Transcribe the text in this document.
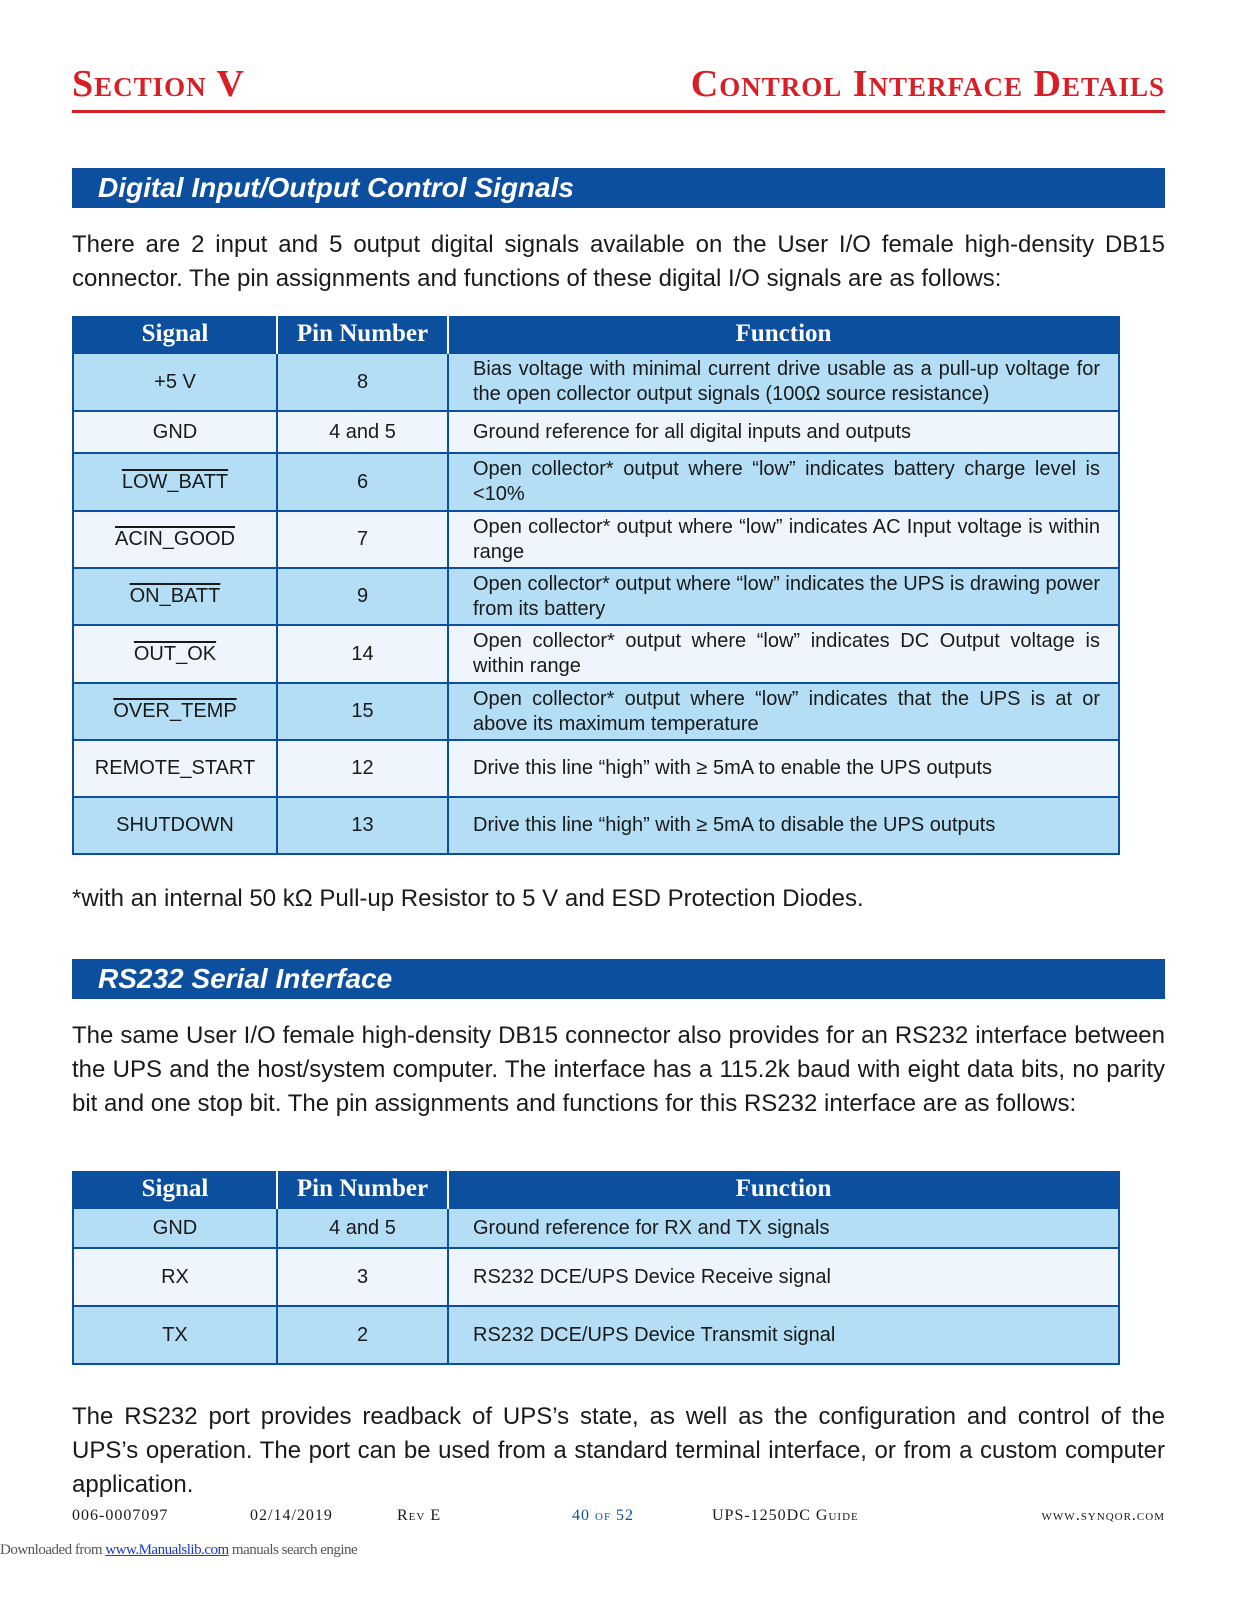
Section V	Control Interface Details
Digital Input/Output Control Signals

There are 2 input and 5 output digital signals available on the User I/O female high-density DB15 connector. The pin assignments and functions of these digital I/O signals are as follows:

Signal	Pin Number	Function
+5 V	8	Bias voltage with minimal current drive usable as a pull-up voltage for the open collector output signals (100Ω source resistance)
GND	4 and 5	Ground reference for all digital inputs and outputs
LOW_BATT	6	Open collector* output where “low” indicates battery charge level is <10%
ACIN_GOOD	7	Open collector* output where “low” indicates AC Input voltage is within range
ON_BATT	9	Open collector* output where “low” indicates the UPS is drawing power from its battery
OUT_OK	14	Open collector* output where “low” indicates DC Output voltage is within range
OVER_TEMP	15	Open collector* output where “low” indicates that the UPS is at or above its maximum temperature
REMOTE_START	12	Drive this line “high” with ≥ 5mA to enable the UPS outputs
SHUTDOWN	13	Drive this line “high” with ≥ 5mA to disable the UPS outputs
*with an internal 50 kΩ Pull-up Resistor to 5 V and ESD Protection Diodes.
RS232 Serial Interface

The same User I/O female high-density DB15 connector also provides for an RS232 interface between the UPS and the host/system computer. The interface has a 115.2k baud with eight data bits, no parity bit and one stop bit. The pin assignments and functions for this RS232 interface are as follows:

Signal	Pin Number	Function
GND	4 and 5	Ground reference for RX and TX signals
RX	3	RS232 DCE/UPS Device Receive signal
TX	2	RS232 DCE/UPS Device Transmit signal

The RS232 port provides readback of UPS’s state, as well as the configuration and control of the UPS’s operation. The port can be used from a standard terminal interface, or from a custom computer application.

006-0007097	02/14/2019	Rev E	40 of 52	UPS-1250DC Guide	www.synqor.com
Downloaded from www.Manualslib.com manuals search engine
